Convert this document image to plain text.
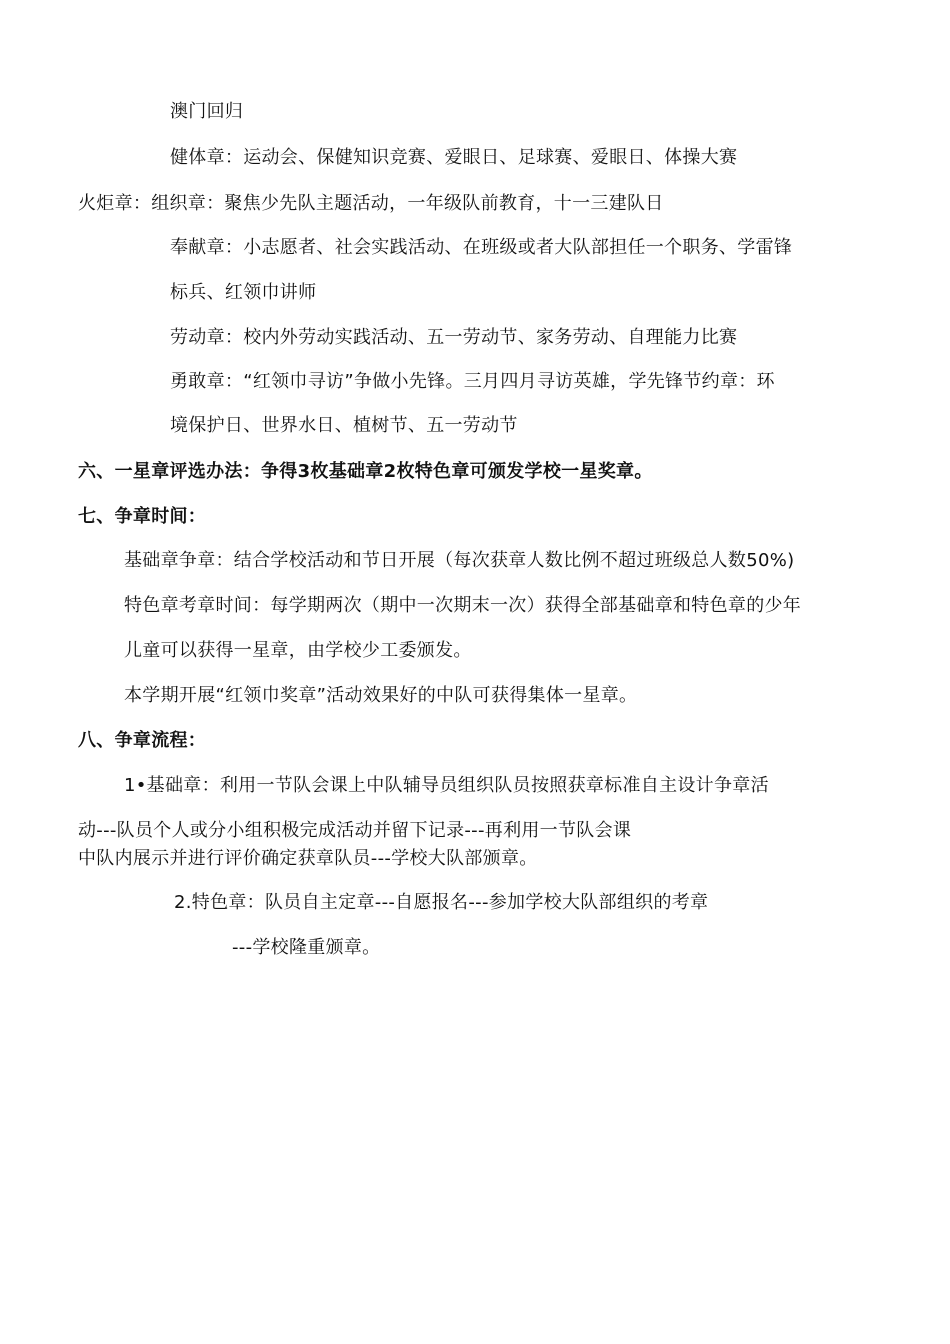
澳门回归
健体章：运动会、保健知识竞赛、爱眼日、足球赛、爱眼日、体操大赛
火炬章：组织章：聚焦少先队主题活动，一年级队前教育，十一三建队日
奉献章：小志愿者、社会实践活动、在班级或者大队部担任一个职务、学雷锋
标兵、红领巾讲师
劳动章：校内外劳动实践活动、五一劳动节、家务劳动、自理能力比赛
勇敢章：“红领巾寻访”争做小先锋。三月四月寻访英雄，学先锋节约章：环
境保护日、世界水日、植树节、五一劳动节
六、一星章评选办法：争得3枚基础章2枚特色章可颁发学校一星奖章。
七、争章时间：
基础章争章：结合学校活动和节日开展（每次获章人数比例不超过班级总人数50%)
特色章考章时间：每学期两次（期中一次期末一次）获得全部基础章和特色章的少年
儿童可以获得一星章，由学校少工委颁发。
本学期开展“红领巾奖章”活动效果好的中队可获得集体一星章。
八、争章流程：
1•基础章：利用一节队会课上中队辅导员组织队员按照获章标准自主设计争章活
动---队员个人或分小组积极完成活动并留下记录---再利用一节队会课
中队内展示并进行评价确定获章队员---学校大队部颁章。
2.特色章：队员自主定章---自愿报名---参加学校大队部组织的考章
---学校隆重颁章。
